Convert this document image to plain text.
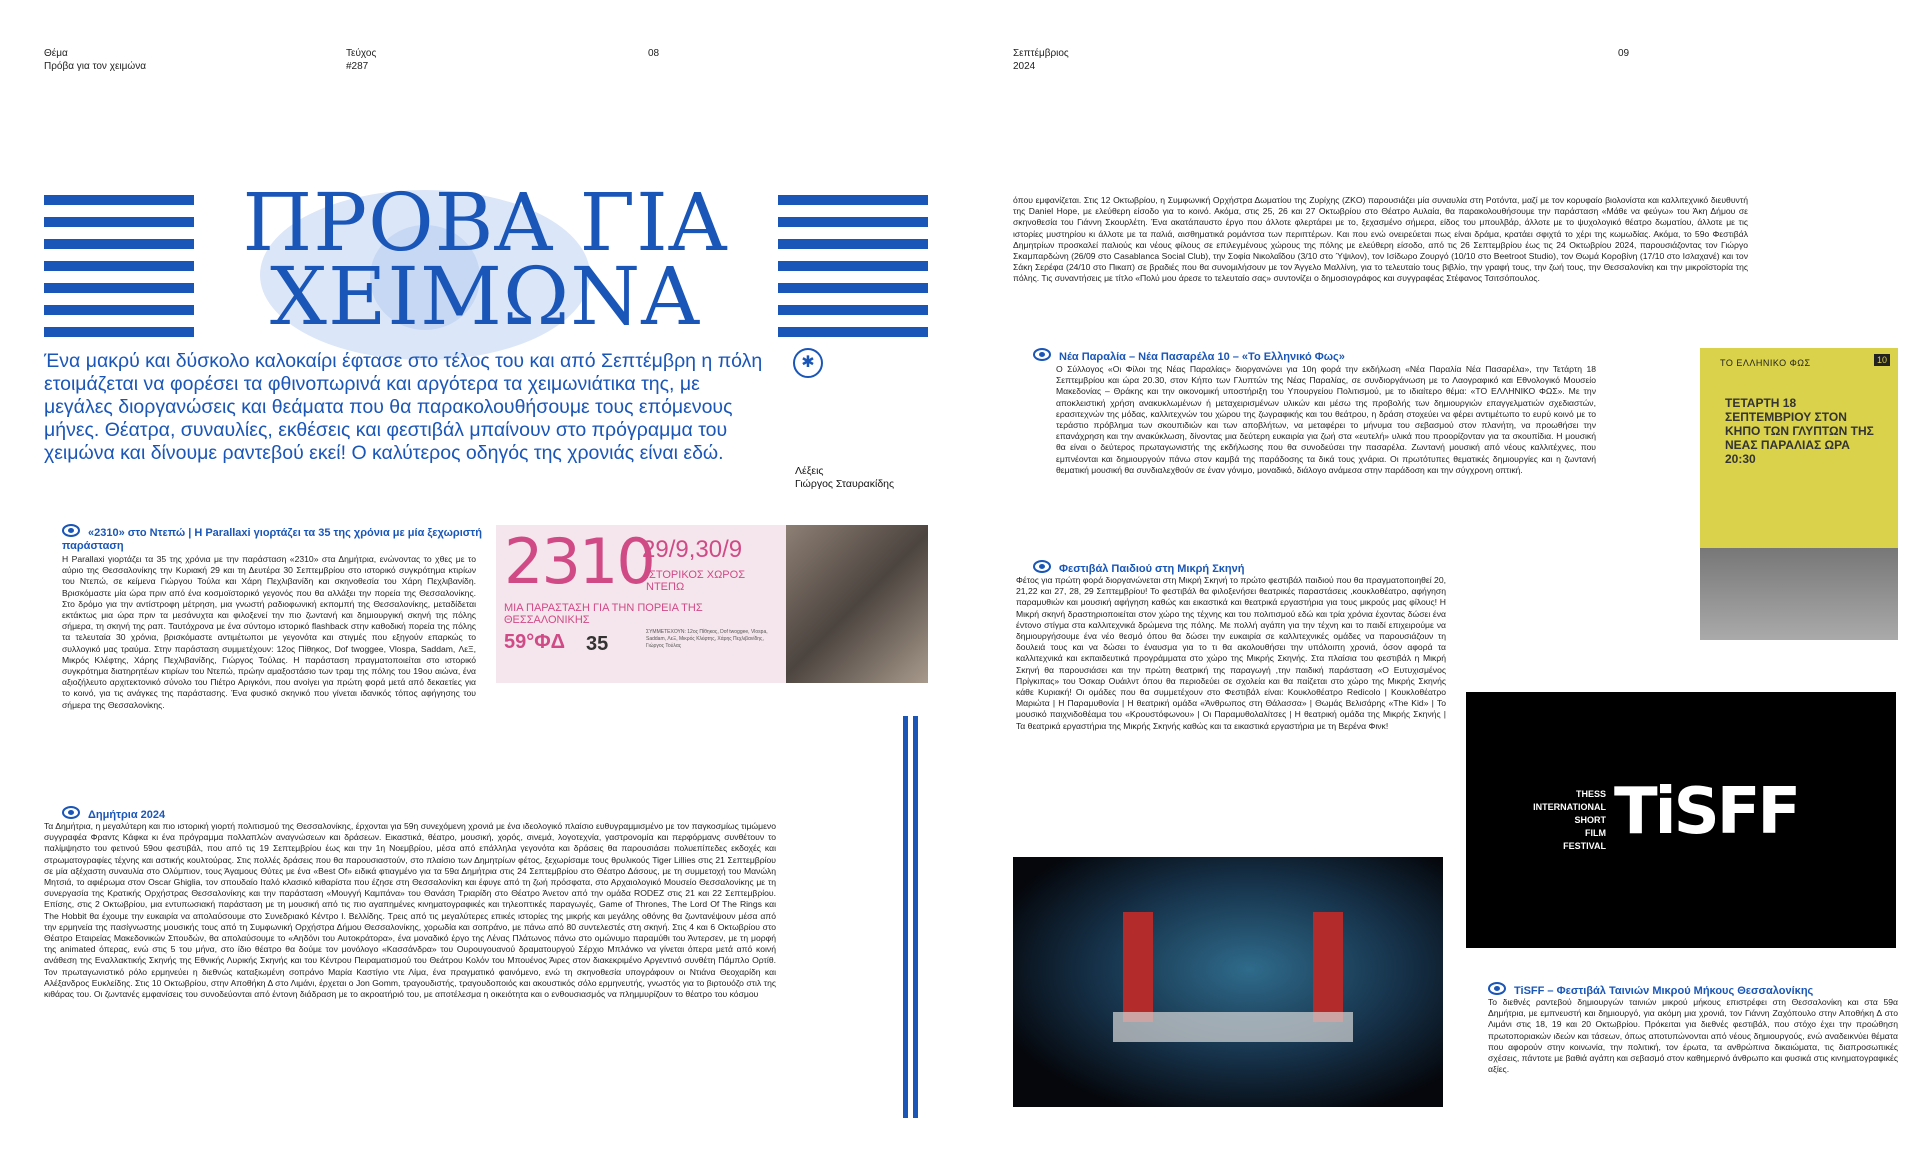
Θέμα
Πρόβα για τον χειμώνα
Τεύχος
#287
08	Σεπτέμβριος
2024
09
ΠΡΟΒΑ ΓΙΑ
ΧΕΙΜΩΝΑ
Ένα μακρύ και δύσκολο καλοκαίρι έφτασε στο τέλος του και από Σεπτέμβρη η πόλη ετοιμάζεται να φορέσει τα φθινοπωρινά και αργότερα τα χειμωνιάτικα της, με μεγάλες διοργανώσεις και θεάματα που θα παρακολουθήσουμε τους επόμενους μήνες. Θέατρα, συναυλίες, εκθέσεις και φεστιβάλ μπαίνουν στο πρόγραμμα του χειμώνα και δίνουμε ραντεβού εκεί! Ο καλύτερος οδηγός της χρονιάς είναι εδώ.
✱
Λέξεις
Γιώργος Σταυρακίδης
«2310» στο Ντεπώ | Η Parallaxi γιορτάζει τα 35 της χρόνια με μία ξεχωριστή παράσταση
Η Parallaxi γιορτάζει τα 35 της χρόνια με την παράσταση «2310» στα Δημήτρια, ενώνοντας το χθες με το αύριο της Θεσσαλονίκης την Κυριακή 29 και τη Δευτέρα 30 Σεπτεμβρίου στο ιστορικό συγκρότημα κτιρίων του Ντεπώ, σε κείμενα Γιώργου Τούλα και Χάρη Πεχλιβανίδη και σκηνοθεσία του Χάρη Πεχλιβανίδη. Βρισκόμαστε μία ώρα πριν από ένα κοσμοϊστορικό γεγονός που θα αλλάξει την πορεία της Θεσσαλονίκης. Στο δρόμο για την αντίστροφη μέτρηση, μια γνωστή ραδιοφωνική εκπομπή της Θεσσαλονίκης, μεταδίδεται εκτάκτως μια ώρα πριν τα μεσάνυχτα και φιλοξενεί την πιο ζωντανή και δημιουργική σκηνή της πόλης σήμερα, τη σκηνή της ραπ. Ταυτόχρονα με ένα σύντομο ιστορικό flashback στην καθοδική πορεία της πόλης τα τελευταία 30 χρόνια, βρισκόμαστε αντιμέτωποι με γεγονότα και στιγμές που εξηγούν επαρκώς το συλλογικό μας τραύμα. Στην παράσταση συμμετέχουν: 12ος Πίθηκος, Dof twoggee, Vlospa, Saddam, ΛεΞ, Μικρός Κλέφτης, Χάρης Πεχλιβανίδης, Γιώργος Τούλας. Η παράσταση πραγματοποιείται στο ιστορικό συγκρότημα διατηρητέων κτιρίων του Ντεπώ, πρώην αμαξοστάσιο των τραμ της πόλης του 19ου αιώνα, ένα αξιοζήλευτο αρχιτεκτονικό σύνολο του Πιέτρο Αριγκόνι, που ανοίγει για πρώτη φορά μετά από δεκαετίες για το κοινό, για τις ανάγκες της παράστασης. Ένα φυσικό σκηνικό που γίνεται ιδανικός τόπος αφήγησης του σήμερα της Θεσσαλονίκης.
2310
29/9,30/9
ΙΣΤΟΡΙΚΟΣ ΧΩΡΟΣ ΝΤΕΠΩ
ΜΙΑ ΠΑΡΑΣΤΑΣΗ ΓΙΑ ΤΗΝ ΠΟΡΕΙΑ ΤΗΣ ΘΕΣΣΑΛΟΝΙΚΗΣ
59°ΦΔ 35
ΣΥΜΜΕΤΕΧΟΥΝ: 12ος Πίθηκος, Dof twoggee, Vlospa, Saddam, ΛεΞ, Μικρός Κλέφτης, Χάρης Πεχλιβανίδης, Γιώργος Τούλας
Δημήτρια 2024
Τα Δημήτρια, η μεγαλύτερη και πιο ιστορική γιορτή πολιτισμού της Θεσσαλονίκης, έρχονται για 59η συνεχόμενη χρονιά με ένα ιδεολογικό πλαίσιο ευθυγραμμισμένο με τον παγκοσμίως τιμώμενο συγγραφέα Φραντς Κάφκα κι ένα πρόγραμμα πολλαπλών αναγνώσεων και δράσεων. Εικαστικά, θέατρο, μουσική, χορός, σινεμά, λογοτεχνία, γαστρονομία και περφόρμανς συνθέτουν το παλίμψηστο του φετινού 59ου φεστιβάλ, που από τις 19 Σεπτεμβρίου έως και την 1η Νοεμβρίου, μέσα από επάλληλα γεγονότα και δράσεις θα παρουσιάσει πολυεπίπεδες εκδοχές και στρωματογραφίες τέχνης και αστικής κουλτούρας. Στις πολλές δράσεις που θα παρουσιαστούν, στο πλαίσιο των Δημητρίων φέτος, ξεχωρίσαμε τους θρυλικούς Tiger Lillies στις 21 Σεπτεμβρίου σε μία αξέχαστη συναυλία στο Ολύμπιον, τους Άγαμους Θύτες με ένα «Best Of» ειδικά φτιαγμένο για τα 59α Δημήτρια στις 24 Σεπτεμβρίου στο Θέατρο Δάσους, με τη συμμετοχή του Μανώλη Μητσιά, το αφιέρωμα στον Oscar Ghiglia, τον σπουδαίο Ιταλό κλασικό κιθαρίστα που έζησε στη Θεσσαλονίκη και έφυγε από τη ζωή πρόσφατα, στο Αρχαιολογικό Μουσείο Θεσσαλονίκης με τη συνεργασία της Κρατικής Ορχήστρας Θεσσαλονίκης και την παράσταση «Μουγγή Καμπάνα» του Θανάση Τριαρίδη στο Θέατρο Άνετον από την ομάδα RODEZ στις 21 και 22 Σεπτεμβρίου. Επίσης, στις 2 Οκτωβρίου, μια εντυπωσιακή παράσταση με τη μουσική από τις πιο αγαπημένες κινηματογραφικές και τηλεοπτικές παραγωγές, Game of Thrones, The Lord Of The Rings και The Hobbit θα έχουμε την ευκαιρία να απολαύσουμε στο Συνεδριακό Κέντρο Ι. Βελλίδης. Τρεις από τις μεγαλύτερες επικές ιστορίες της μικρής και μεγάλης οθόνης θα ζωντανέψουν μέσα από την ερμηνεία της πασίγνωστης μουσικής τους από τη Συμφωνική Ορχήστρα Δήμου Θεσσαλονίκης, χορωδία και σοπράνο, με πάνω από 80 συντελεστές στη σκηνή. Στις 4 και 6 Οκτωβρίου στο Θέατρο Εταιρείας Μακεδονικών Σπουδών, θα απολαύσουμε το «Αηδόνι του Αυτοκράτορα», ένα μοναδικό έργο της Λένας Πλάτωνος πάνω στο ομώνυμο παραμύθι του Άντερσεν, με τη μορφή της animated όπερας, ενώ στις 5 του μήνα, στο ίδιο θέατρο θα δούμε τον μονόλογο «Κασσάνδρα» του Ουρουγουανού δραματουργού Σέρχιο Μπλάνκο να γίνεται όπερα μετά από κοινή ανάθεση της Εναλλακτικής Σκηνής της Εθνικής Λυρικής Σκηνής και του Κέντρου Πειραματισμού του Θεάτρου Κολόν του Μπουένος Άιρες στον διακεκριμένο Αργεντινό συνθέτη Πάμπλο Ορτίθ. Τον πρωταγωνιστικό ρόλο ερμηνεύει η διεθνώς καταξιωμένη σοπράνο Μαρία Καστίγιο ντε Λίμα, ένα πραγματικό φαινόμενο, ενώ τη σκηνοθεσία υπογράφουν οι Ντιάνα Θεοχαρίδη και Αλέξανδρος Ευκλείδης. Στις 10 Οκτωβρίου, στην Αποθήκη Δ στο Λιμάνι, έρχεται ο Jon Gomm, τραγουδιστής, τραγουδοποιός και ακουστικός σόλο ερμηνευτής, γνωστός για το βιρτουόζο στιλ της κιθάρας του. Οι ζωντανές εμφανίσεις του συνοδεύονται από έντονη διάδραση με το ακροατήριό του, με αποτέλεσμα η οικειότητα και ο ενθουσιασμός να πλημμυρίζουν το θέατρο του κόσμου
όπου εμφανίζεται. Στις 12 Οκτωβρίου, η Συμφωνική Ορχήστρα Δωματίου της Ζυρίχης (ZKO) παρουσιάζει μία συναυλία στη Ροτόντα, μαζί με τον κορυφαίο βιολονίστα και καλλιτεχνικό διευθυντή της Daniel Hope, με ελεύθερη είσοδο για το κοινό. Ακόμα, στις 25, 26 και 27 Οκτωβρίου στο Θέατρο Αυλαία, θα παρακολουθήσουμε την παράσταση «Μάθε να φεύγω» του Άκη Δήμου σε σκηνοθεσία του Γιάννη Σκουρλέτη. Ένα ακατάπαυστο έργο που άλλοτε φλερτάρει με το, ξεχασμένο σήμερα, είδος του μπουλβάρ, άλλοτε με το ψυχολογικό θέατρο δωματίου, άλλοτε με τις ιστορίες μυστηρίου κι άλλοτε με τα παλιά, αισθηματικά ρομάντσα των περιπτέρων. Και που ενώ ονειρεύεται πως είναι δράμα, κρατάει σφιχτά το χέρι της κωμωδίας. Ακόμα, το 59ο Φεστιβάλ Δημητρίων προσκαλεί παλιούς και νέους φίλους σε επιλεγμένους χώρους της πόλης με ελεύθερη είσοδο, από τις 26 Σεπτεμβρίου έως τις 24 Οκτωβρίου 2024, παρουσιάζοντας τον Γιώργο Σκαμπαρδώνη (26/09 στο Casablanca Social Club), την Σοφία Νικολαΐδου (3/10 στο Ύψιλον), τον Ισίδωρο Ζουργό (10/10 στο Beetroot Studio), τον Θωμά Κοροβίνη (17/10 στο Ισλαχανέ) και τον Σάκη Σερέφα (24/10 στο Πικαπ) σε βραδιές που θα συνομιλήσουν με τον Άγγελο Μαλλίνη, για το τελευταίο τους βιβλίο, την γραφή τους, την ζωή τους, την Θεσσαλονίκη και την μικροϊστορία της πόλης. Τις συναντήσεις με τίτλο «Πολύ μου άρεσε το τελευταίο σας» συντονίζει ο δημοσιογράφος και συγγραφέας Στέφανος Τσιτσόπουλος.
Νέα Παραλία – Νέα Πασαρέλα 10 – «Το Ελληνικό Φως»
Ο Σύλλογος «Οι Φίλοι της Νέας Παραλίας» διοργανώνει για 10η φορά την εκδήλωση «Νέα Παραλία Νέα Πασαρέλα», την Τετάρτη 18 Σεπτεμβρίου και ώρα 20.30, στον Κήπο των Γλυπτών της Νέας Παραλίας, σε συνδιοργάνωση με το Λαογραφικό και Εθνολογικό Μουσείο Μακεδονίας – Θράκης και την οικονομική υποστήριξη του Υπουργείου Πολιτισμού, με το ιδιαίτερο θέμα: «ΤΟ ΕΛΛΗΝΙΚΟ ΦΩΣ». Με την αποκλειστική χρήση ανακυκλωμένων ή μεταχειρισμένων υλικών και μέσω της προβολής των δημιουργιών επαγγελματιών σχεδιαστών, ερασιτεχνών της μόδας, καλλιτεχνών του χώρου της ζωγραφικής και του θεάτρου, η δράση στοχεύει να φέρει αντιμέτωπο το ευρύ κοινό με το τεράστιο πρόβλημα των σκουπιδιών και των αποβλήτων, να μεταφέρει το μήνυμα του σεβασμού στον πλανήτη, να προωθήσει την επανάχρηση και την ανακύκλωση, δίνοντας μια δεύτερη ευκαιρία για ζωή στα «ευτελή» υλικά που προορίζονταν για τα σκουπίδια. Η μουσική θα είναι ο δεύτερος πρωταγωνιστής της εκδήλωσης που θα συνοδεύσει την πασαρέλα. Ζωντανή μουσική από νέους καλλιτέχνες, που εμπνέονται και δημιουργούν πάνω στον καμβά της παράδοσης τα δικά τους χνάρια. Οι πρωτότυπες θεματικές δημιουργίες και η ζωντανή θεματική μουσική θα συνδιαλεχθούν σε έναν γόνιμο, μοναδικό, διάλογο ανάμεσα στην παράδοση και την σύγχρονη οπτική.
ΤΟ ΕΛΛΗΝΙΚΟ ΦΩΣ	10
ΤΕΤΑΡΤΗ 18 ΣΕΠΤΕΜΒΡΙΟΥ ΣΤΟΝ ΚΗΠΟ ΤΩΝ ΓΛΥΠΤΩΝ ΤΗΣ ΝΕΑΣ ΠΑΡΑΛΙΑΣ ΩΡΑ 20:30
Φεστιβάλ Παιδιού στη Μικρή Σκηνή
Φέτος για πρώτη φορά διοργανώνεται στη Μικρή Σκηνή το πρώτο φεστιβάλ παιδιού που θα πραγματοποιηθεί 20, 21,22 και 27, 28, 29 Σεπτεμβρίου! Το φεστιβάλ θα φιλοξενήσει θεατρικές παραστάσεις ,κουκλοθέατρο, αφήγηση παραμυθιών και μουσική αφήγηση καθώς και εικαστικά και θεατρικά εργαστήρια για τους μικρούς μας φίλους! Η Μικρή σκηνή δραστηριοποιείται στον χώρο της τέχνης και του πολιτισμού εδώ και τρία χρόνια έχοντας δώσει ένα έντονο στίγμα στα καλλιτεχνικά δρώμενα της πόλης. Με πολλή αγάπη για την τέχνη και το παιδί επιχειρούμε να δημιουργήσουμε ένα νέο θεσμό όπου θα δώσει την ευκαιρία σε καλλιτεχνικές ομάδες να παρουσιάζουν τη δουλειά τους και να δώσει το έναυσμα για το τι θα ακολουθήσει την υπόλοιπη χρονιά, όσον αφορά τα καλλιτεχνικά και εκπαιδευτικά προγράμματα στο χώρο της Μικρής Σκηνής. Στα πλαίσια του φεστιβάλ η Μικρή Σκηνή θα παρουσιάσει και την πρώτη θεατρική της παραγωγή ,την παιδική παράσταση «Ο Ευτυχισμένος Πρίγκιπας» του Όσκαρ Ουάιλντ όπου θα περιοδεύει σε σχολεία και θα παίζεται στο χώρο της Μικρής Σκηνής κάθε Κυριακή! Οι ομάδες που θα συμμετέχουν στο Φεστιβάλ είναι: Κουκλοθέατρο Redicolo | Κουκλοθέατρο Μαριώτα | Η Παραμυθονία | Η θεατρική ομάδα «Άνθρωπος στη Θάλασσα» | Θωμάς Βελισάρης «The Kid» | Το μουσικό παιχνιδοθέαμα του «Κρουστόφωνου» | Οι Παραμυθολαλίτσες | Η θεατρική ομάδα της Μικρής Σκηνής | Τα θεατρικά εργαστήρια της Μικρής Σκηνής καθώς και τα εικαστικά εργαστήρια με τη Βερένα Φινκ!
THESS
INTERNATIONAL
SHORT
FILM
FESTIVAL TiSFF
TiSFF – Φεστιβάλ Ταινιών Μικρού Μήκους Θεσσαλονίκης
Το διεθνές ραντεβού δημιουργών ταινιών μικρού μήκους επιστρέφει στη Θεσσαλονίκη και στα 59α Δημήτρια, με εμπνευστή και δημιουργό, για ακόμη μια χρονιά, τον Γιάννη Ζαχόπουλο στην Αποθήκη Δ στο Λιμάνι στις 18, 19 και 20 Οκτωβρίου. Πρόκειται για διεθνές φεστιβάλ, που στόχο έχει την προώθηση πρωτοποριακών ιδεών και τάσεων, όπως αποτυπώνονται από νέους δημιουργούς, ενώ αναδεικνύει θέματα που αφορούν στην κοινωνία, την πολιτική, τον έρωτα, τα ανθρώπινα δικαιώματα, τις διαπροσωπικές σχέσεις, πάντοτε με βαθιά αγάπη και σεβασμό στον καθημερινό άνθρωπο και φυσικά στις κινηματογραφικές αξίες.
